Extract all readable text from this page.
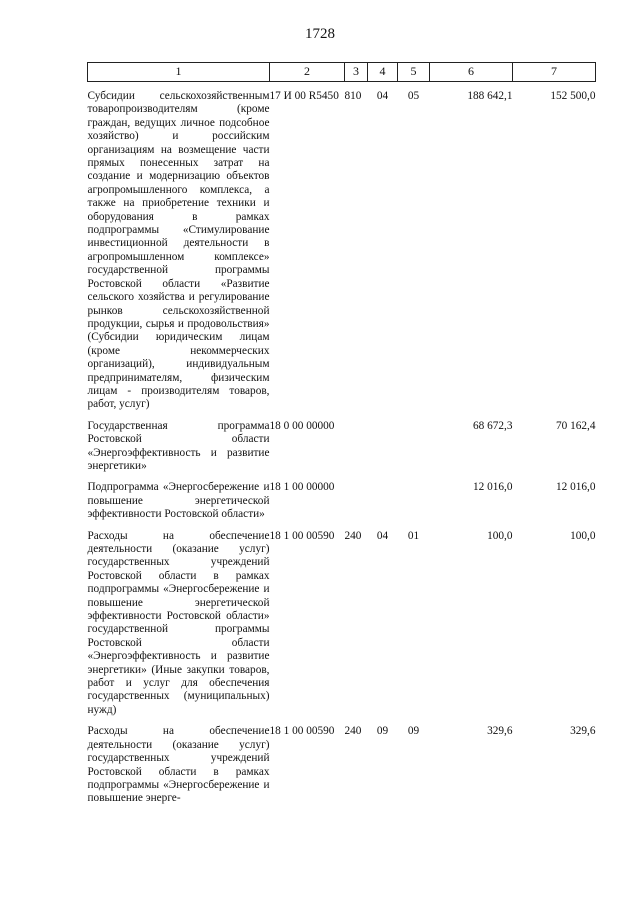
1728
1	2	3	4	5	6	7

Субсидии сельскохозяйственным товаропроизводителям (кроме граждан, ведущих личное подсобное хозяйство) и российским организациям на возмещение части прямых понесенных затрат на создание и модернизацию объектов агропромышленного комплекса, а также на приобретение техники и оборудования в рамках подпрограммы «Стимулирование инвестиционной деятельности в агропромышленном комплексе» государственной программы Ростовской области «Развитие сельского хозяйства и регулирование рынков сельскохозяйственной продукции, сырья и продовольствия» (Субсидии юридическим лицам (кроме некоммерческих организаций), индивидуальным предпринимателям, физическим лицам - производителям товаров, работ, услуг)	17 И 00 R5450	810	04	05	188 642,1	152 500,0

Государственная программа Ростовской области «Энергоэффективность и развитие энергетики»	18 0 00 00000				68 672,3	70 162,4

Подпрограмма «Энергосбережение и повышение энергетической эффективности Ростовской области»	18 1 00 00000				12 016,0	12 016,0

Расходы на обеспечение деятельности (оказание услуг) государственных учреждений Ростовской области в рамках подпрограммы «Энергосбережение и повышение энергетической эффективности Ростовской области» государственной программы Ростовской области «Энергоэффективность и развитие энергетики» (Иные закупки товаров, работ и услуг для обеспечения государственных (муниципальных) нужд)	18 1 00 00590	240	04	01	100,0	100,0

Расходы на обеспечение деятельности (оказание услуг) государственных учреждений Ростовской области в рамках подпрограммы «Энергосбережение и повышение энерге-	18 1 00 00590	240	09	09	329,6	329,6
